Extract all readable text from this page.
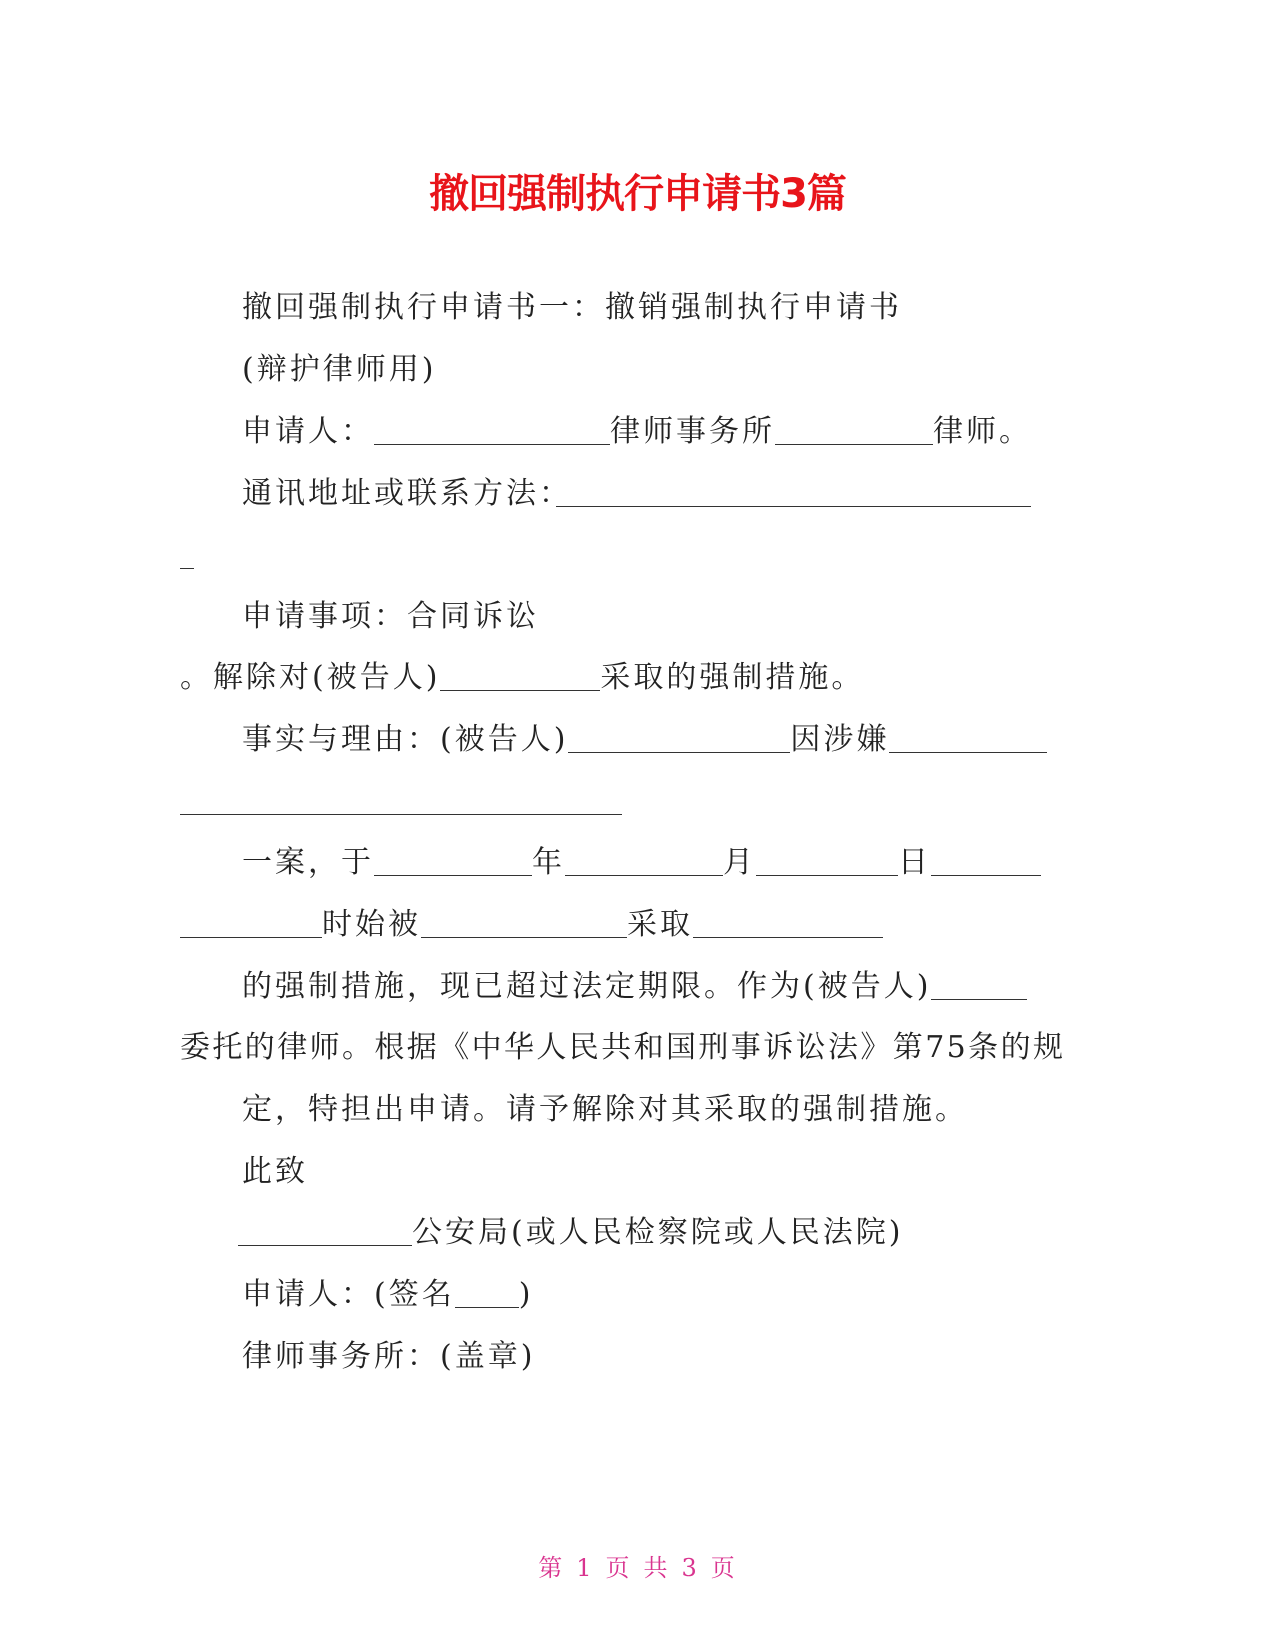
撤回强制执行申请书3篇

撤回强制执行申请书一：撤销强制执行申请书

(辩护律师用)

申请人：	律师事务所	律师。

通讯地址或联系方法：

申请事项：合同诉讼

。解除对(被告人)	采取的强制措施。

事实与理由：(被告人)	因涉嫌

一案，于	年	月	日

时始被	采取

的强制措施，现已超过法定期限。作为(被告人)

委托的律师。根据《中华人民共和国刑事诉讼法》第75条的规

定，特担出申请。请予解除对其采取的强制措施。

此致

公安局(或人民检察院或人民法院)

申请人：(签名 )

律师事务所：(盖章)

第 1 页 共 3 页
